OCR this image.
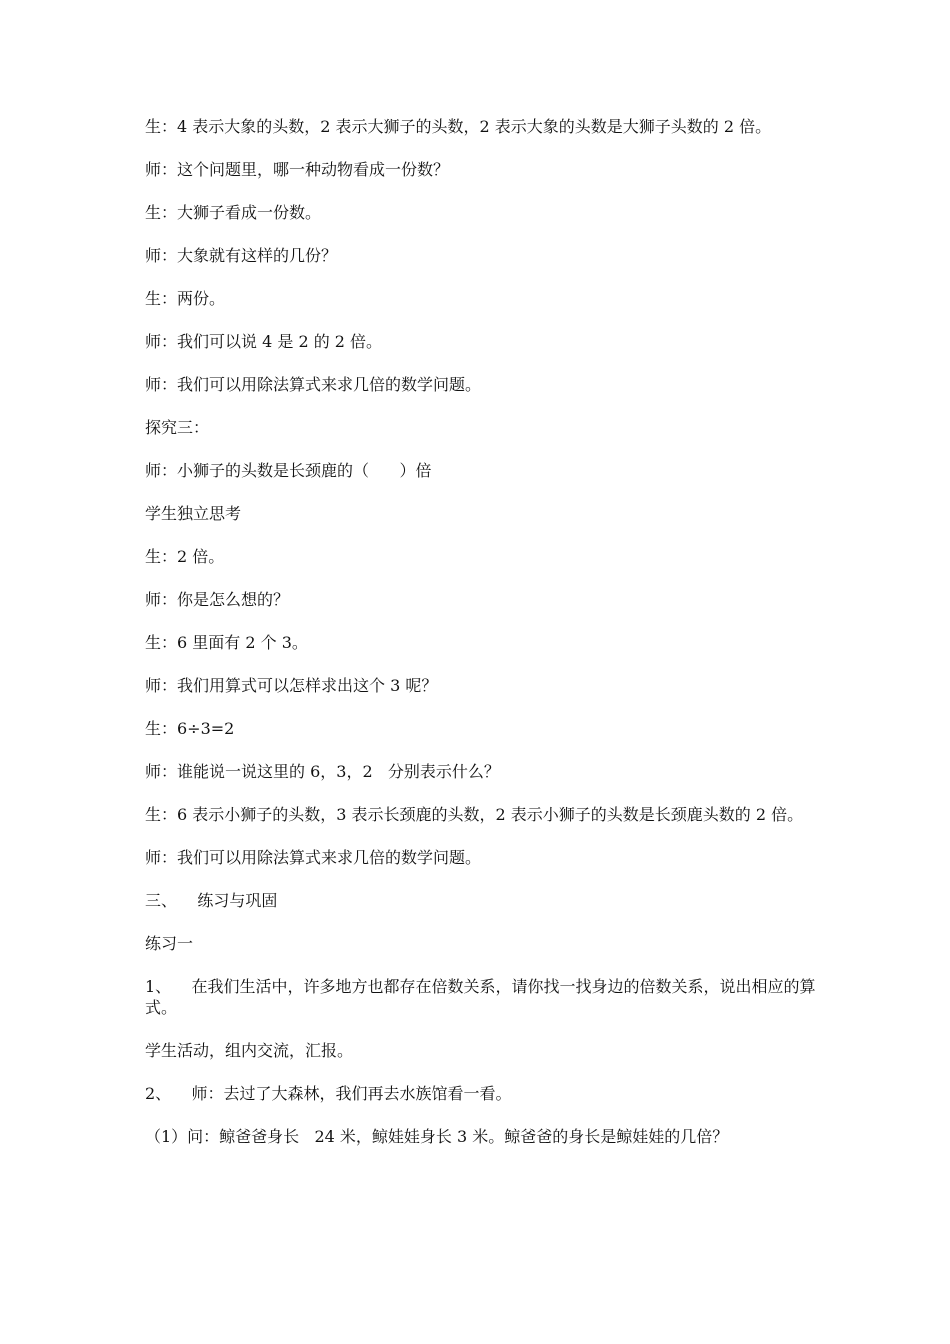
生：4 表示大象的头数，2 表示大狮子的头数，2 表示大象的头数是大狮子头数的 2 倍。

师：这个问题里，哪一种动物看成一份数？

生：大狮子看成一份数。

师：大象就有这样的几份？

生：两份。

师：我们可以说 4 是 2 的 2 倍。

师：我们可以用除法算式来求几倍的数学问题。

探究三：

师：小狮子的头数是长颈鹿的（      ）倍

学生独立思考

生：2 倍。

师：你是怎么想的？

生：6 里面有 2 个 3。

师：我们用算式可以怎样求出这个 3 呢？

生：6÷3=2

师：谁能说一说这里的 6，3，2   分别表示什么？

生：6 表示小狮子的头数，3 表示长颈鹿的头数，2 表示小狮子的头数是长颈鹿头数的 2 倍。

师：我们可以用除法算式来求几倍的数学问题。

三、    练习与巩固

练习一

1、    在我们生活中，许多地方也都存在倍数关系，请你找一找身边的倍数关系，说出相应的算式。

学生活动，组内交流，汇报。

2、    师：去过了大森林，我们再去水族馆看一看。

（1）问：鲸爸爸身长   24 米，鲸娃娃身长 3 米。鲸爸爸的身长是鲸娃娃的几倍？
